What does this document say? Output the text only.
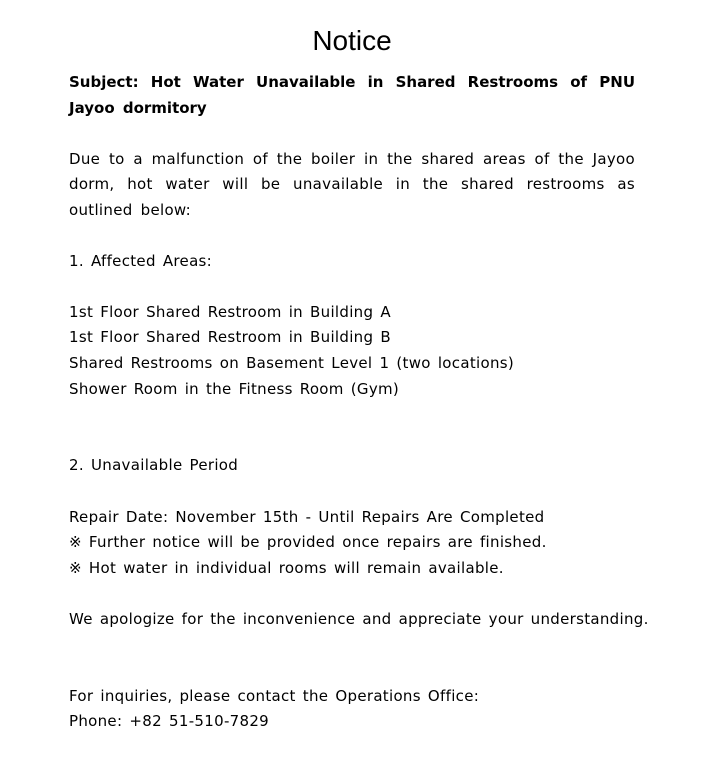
Notice
Subject: Hot Water Unavailable in Shared Restrooms of PNU Jayoo dormitory
Due to a malfunction of the boiler in the shared areas of the Jayoo dorm, hot water will be unavailable in the shared restrooms as outlined below:
1. Affected Areas:
1st Floor Shared Restroom in Building A
1st Floor Shared Restroom in Building B
Shared Restrooms on Basement Level 1 (two locations)
Shower Room in the Fitness Room (Gym)
2. Unavailable Period
Repair Date: November 15th - Until Repairs Are Completed
※ Further notice will be provided once repairs are finished.
※ Hot water in individual rooms will remain available.
We apologize for the inconvenience and appreciate your understanding.
For inquiries, please contact the Operations Office:
Phone: +82 51-510-7829
